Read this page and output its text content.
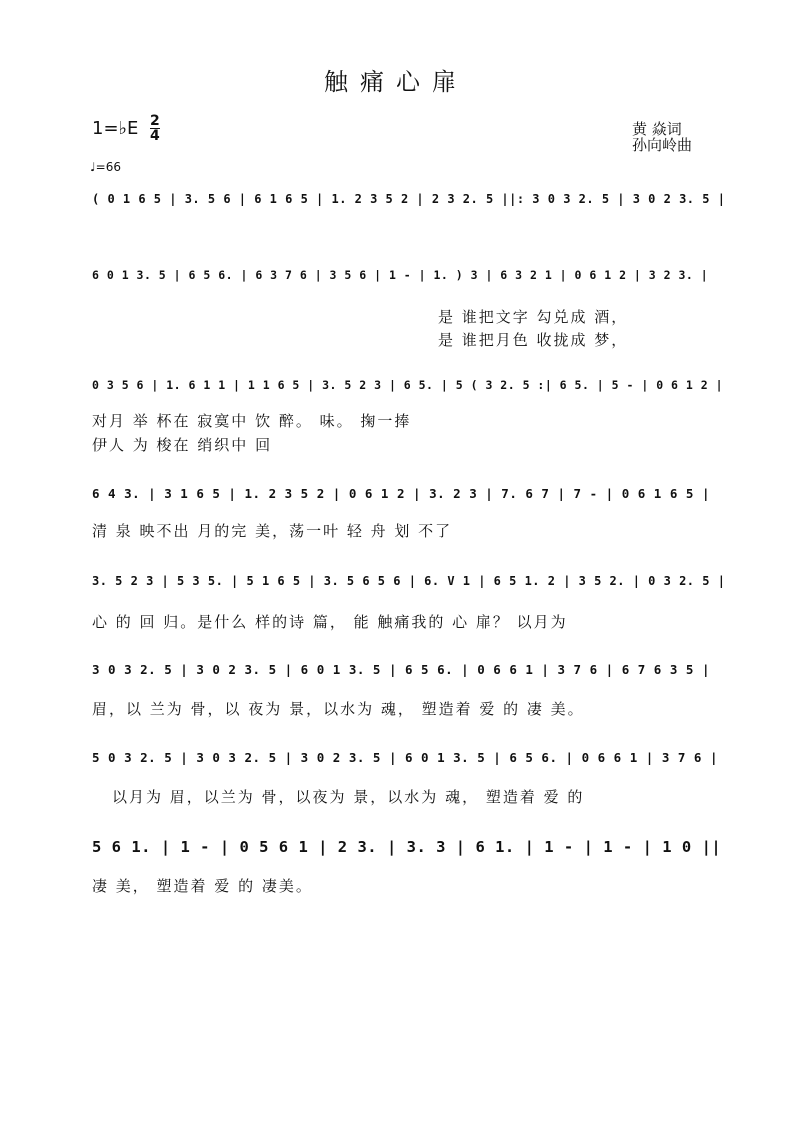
触痛心扉
1=♭E $\frac{2}{4}$	黄 焱词
孙向岭曲
♩=66
( 0 1 6 5 | 3. 5 6 | 6 1 6 5 | 1. 2 3 5 2 | 2 3 2. 5 ||: 3 0 3 2. 5 | 3 0 2 3. 5 |
6 0 1 3. 5 | 6 5 6. | 6 3 7 6 | 3 5 6 | 1 - | 1. ) 3 | 6 3 2 1 | 0 6 1 2 | 3 2 3. |
是 谁把文字 勾兑成 酒，
是 谁把月色 收拢成 梦，
0 3 5 6 | 1. 6 1 1 | 1 1 6 5 | 3. 5 2 3 | 6 5. | 5 ( 3 2. 5 :| 6 5. | 5 - | 0 6 1 2 |
对月 举 杯在 寂寞中 饮 醉。 味。 掬一捧
伊人 为 梭在 绡织中 回
6 4 3. | 3 1 6 5 | 1. 2 3 5 2 | 0 6 1 2 | 3. 2 3 | 7. 6 7 | 7 - | 0 6 1 6 5 |
清 泉 映不出 月的完 美，荡一叶 轻 舟 划 不了
3. 5 2 3 | 5 3 5. | 5 1 6 5 | 3. 5 6 5 6 | 6. V 1 | 6 5 1. 2 | 3 5 2. | 0 3 2. 5 |
心 的 回 归。是什么 样的诗 篇， 能 触痛我的 心 扉？ 以月为
3 0 3 2. 5 | 3 0 2 3. 5 | 6 0 1 3. 5 | 6 5 6. | 0 6 6 1 | 3 7 6 | 6 7 6 3 5 |
眉，以 兰为 骨，以 夜为 景，以水为 魂， 塑造着 爱 的 凄 美。
5 0 3 2. 5 | 3 0 3 2. 5 | 3 0 2 3. 5 | 6 0 1 3. 5 | 6 5 6. | 0 6 6 1 | 3 7 6 |
以月为 眉，以兰为 骨，以夜为 景，以水为 魂， 塑造着 爱 的
5 6 1. | 1 - | 0 5 6 1 | 2 3. | 3. 3 | 6 1. | 1 - | 1 - | 1 0 ||
凄 美， 塑造着 爱 的 凄美。
